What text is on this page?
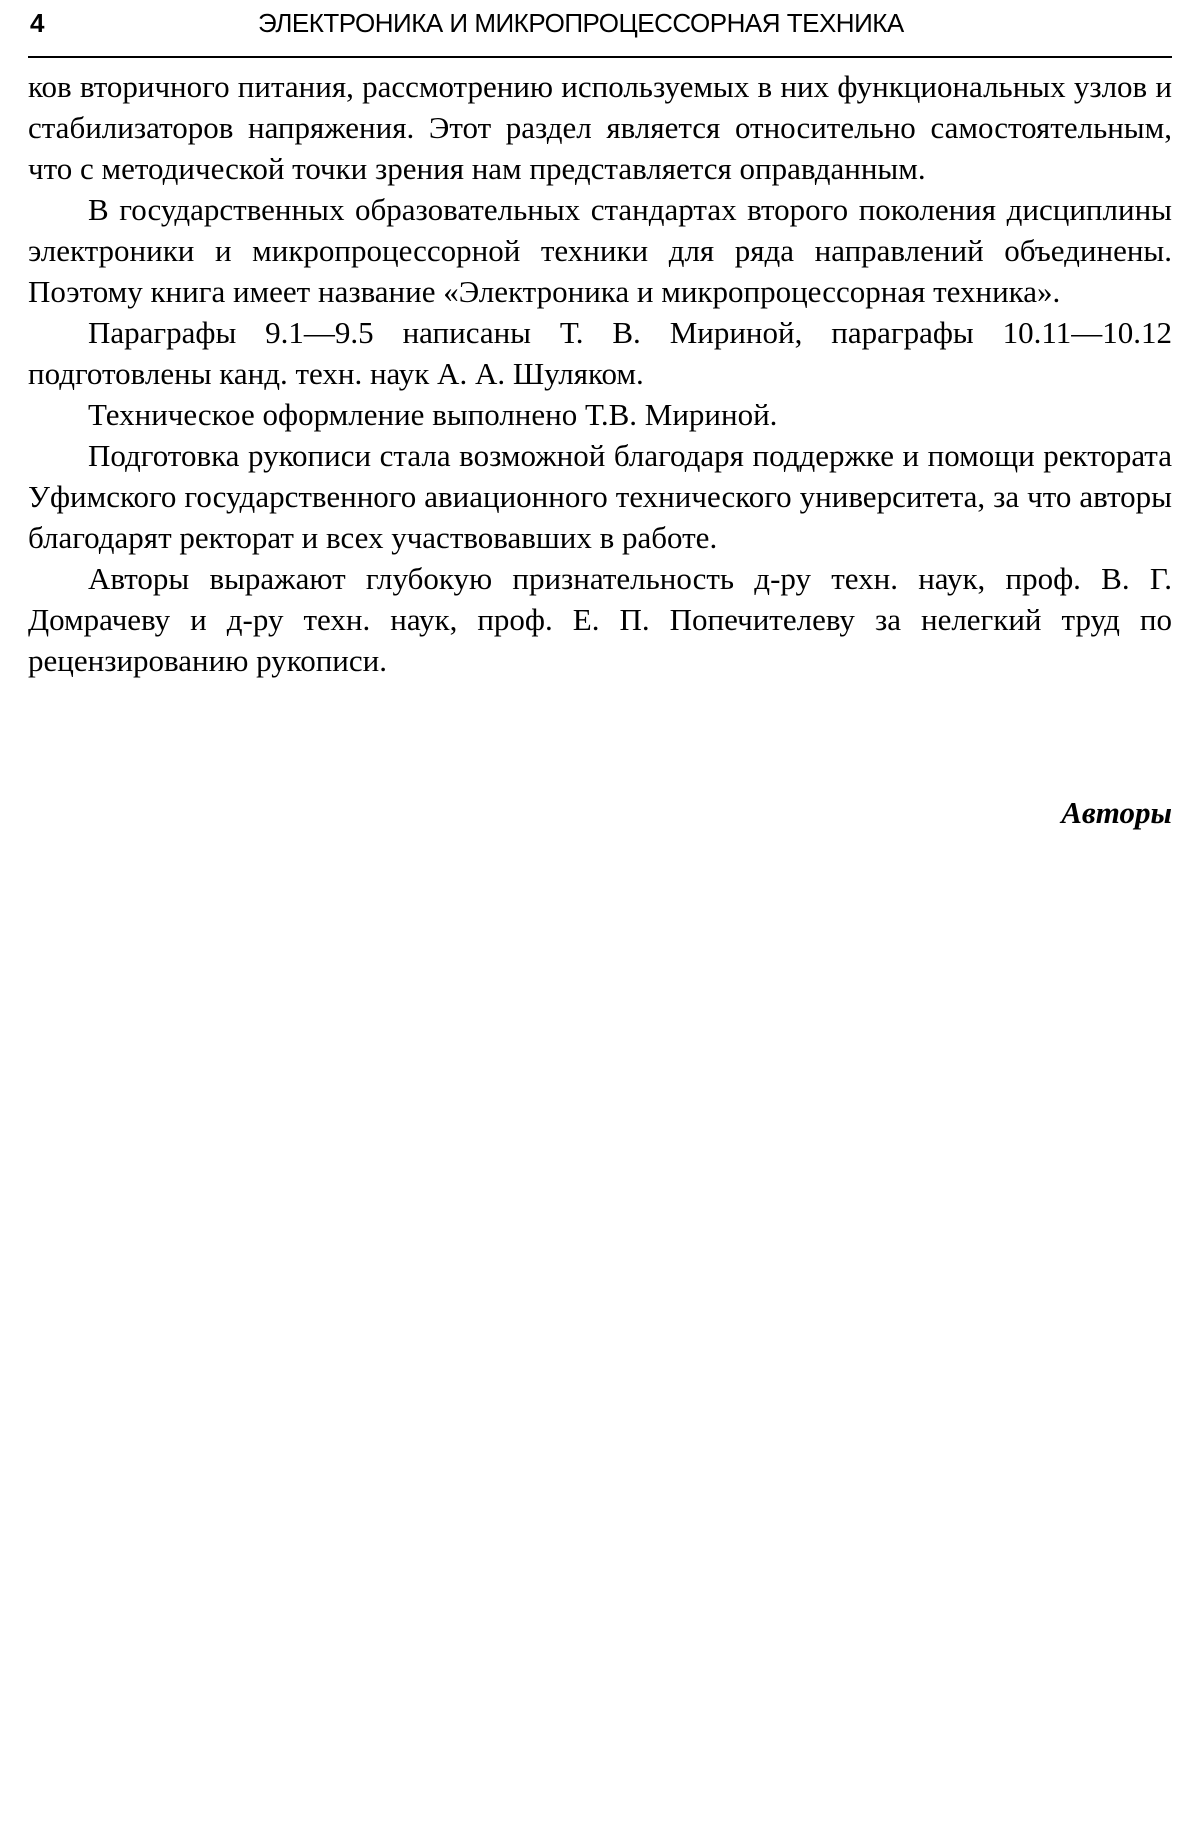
4	ЭЛЕКТРОНИКА И МИКРОПРОЦЕССОРНАЯ ТЕХНИКА

ков вторичного питания, рассмотрению используемых в них функциональных узлов и стабилизаторов напряжения. Этот раздел является относительно самостоятельным, что с методической точки зрения нам представляется оправданным.

В государственных образовательных стандартах второго поколения дисциплины электроники и микропроцессорной техники для ряда направлений объединены. Поэтому книга имеет название «Электроника и микропроцессорная техника».

Параграфы 9.1—9.5 написаны Т. В. Мириной, параграфы 10.11—10.12 подготовлены канд. техн. наук А. А. Шуляком.

Техническое оформление выполнено Т.В. Мириной.

Подготовка рукописи стала возможной благодаря поддержке и помощи ректората Уфимского государственного авиационного технического университета, за что авторы благодарят ректорат и всех участвовавших в работе.

Авторы выражают глубокую признательность д-ру техн. наук, проф. В. Г. Домрачеву и д-ру техн. наук, проф. Е. П. Попечителеву за нелегкий труд по рецензированию рукописи.

Авторы
